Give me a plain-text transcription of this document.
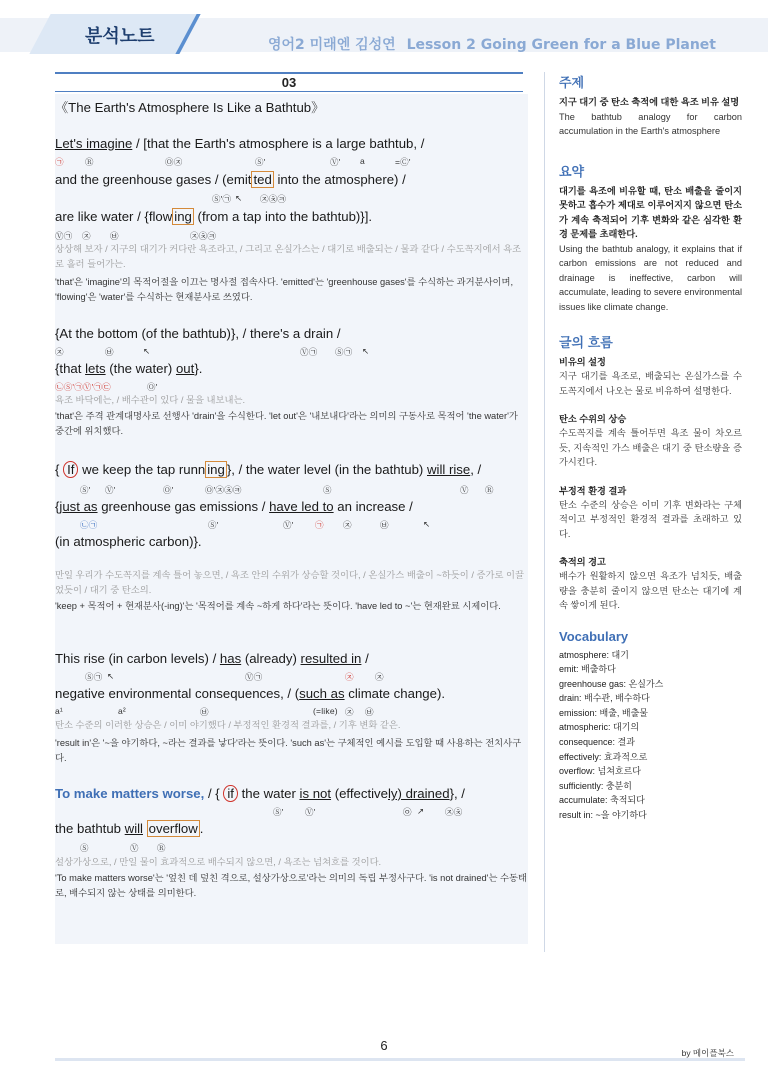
분석노트	영어2 미래엔 김성연 Lesson 2 Going Green for a Blue Planet
03
《The Earth's Atmosphere Is Like a Bathtub》
Let's imagine / [that the Earth's atmosphere is a large bathtub, /
㉠	Ⓡ	Ⓞ㉨	Ⓢ'	Ⓥ' a	=Ⓒ'
and the greenhouse gases / (emit ted into the atmosphere) /
Ⓢ'㉠ ↖ ㉨㉩㉪
are like water / {flow ing (from a tap into the bathtub)}].
Ⓥ㉠ ㉨ ㉥	㉨㉩㉪
상상해 보자 / 지구의 대기가 커다란 욕조라고, / 그리고 온실가스는 / 대기로 배출되는 / 물과 같다 / 수도꼭지에서 욕조로 흘러 들어가는.
'that'은 'imagine'의 목적어절을 이끄는 명사절 접속사다. 'emitted'는 'greenhouse gases'를 수식하는 과거분사이며, 'flowing'은 'water'를 수식하는 현재분사로 쓰였다.
{At the bottom (of the bathtub)}, / there's a drain /
㉨	㉥	↖	Ⓥ㉠ Ⓢ㉠ ↖
{that lets (the water) out}.
㉡Ⓢ'㉠Ⓥ'㉠㉢	Ⓞ'
욕조 바닥에는, / 배수관이 있다 / 물을 내보내는.
'that'은 주격 관계대명사로 선행사 'drain'을 수식한다. 'let out'은 '내보내다'라는 의미의 구동사로 목적어 'the water'가 중간에 위치했다.
{ If we keep the tap runn ing }, / the water level (in the bathtub) will rise, /
Ⓢ' Ⓥ'	Ⓞ'	Ⓞ'㉨㉩㉪	Ⓢ	Ⓥ Ⓡ
{just as greenhouse gas emissions / have led to an increase /
㉡㉠	Ⓢ'	Ⓥ'	㉠ ㉨	㉥	↖
(in atmospheric carbon)}.
만일 우리가 수도꼭지를 계속 틀어 놓으면, / 욕조 안의 수위가 상승할 것이다, / 온실가스 배출이 ~하듯이 / 증가로 이끌었듯이 / 대기 중 탄소의.
'keep + 목적어 + 현재분사(-ing)'는 '목적어를 계속 ~하게 하다'라는 뜻이다. 'have led to ~'는 현재완료 시제이다.
This rise (in carbon levels) / has (already) resulted in /
Ⓢ㉠ ↖	Ⓥ㉠	㉨	㉨
negative environmental consequences, / (such as climate change).
a¹	a²	㉥	(=like) ㉨ ㉥
탄소 수준의 이러한 상승은 / 이미 야기했다 / 부정적인 환경적 결과를, / 기후 변화 같은.
'result in'은 '~을 야기하다, ~라는 결과를 낳다'라는 뜻이다. 'such as'는 구체적인 예시를 도입할 때 사용하는 전치사구다.
To make matters worse, / { if the water is not (effectively) drained}, /
Ⓢ'	Ⓥ'	㉧ ↗ ㉨㉩
the bathtub will overflow .
Ⓢ	Ⓥ Ⓡ
설상가상으로, / 만일 물이 효과적으로 배수되지 않으면, / 욕조는 넘쳐흐를 것이다.
'To make matters worse'는 '엎친 데 덮친 격으로, 설상가상으로'라는 의미의 독립 부정사구다. 'is not drained'는 수동태로, 배수되지 않는 상태를 의미한다.
주제
지구 대기 중 탄소 축적에 대한 욕조 비유 설명
The bathtub analogy for carbon accumulation in the Earth's atmosphere
요약
대기를 욕조에 비유할 때, 탄소 배출을 줄이지 못하고 흡수가 제대로 이루어지지 않으면 탄소가 계속 축적되어 기후 변화와 같은 심각한 환경 문제를 초래한다.
Using the bathtub analogy, it explains that if carbon emissions are not reduced and drainage is ineffective, carbon will accumulate, leading to severe environmental issues like climate change.
글의 흐름
비유의 설정
지구 대기를 욕조로, 배출되는 온실가스를 수도꼭지에서 나오는 물로 비유하여 설명한다.
탄소 수위의 상승
수도꼭지를 계속 틀어두면 욕조 물이 차오르듯, 지속적인 가스 배출은 대기 중 탄소량을 증가시킨다.
부정적 환경 결과
탄소 수준의 상승은 이미 기후 변화라는 구체적이고 부정적인 환경적 결과를 초래하고 있다.
축적의 경고
배수가 원활하지 않으면 욕조가 넘치듯, 배출량을 충분히 줄이지 않으면 탄소는 대기에 계속 쌓이게 된다.
Vocabulary
atmosphere: 대기
emit: 배출하다
greenhouse gas: 온실가스
drain: 배수관, 배수하다
emission: 배출, 배출물
atmospheric: 대기의
consequence: 결과
effectively: 효과적으로
overflow: 넘쳐흐르다
sufficiently: 충분히
accumulate: 축적되다
result in: ~을 야기하다
6	by 메이플북스
